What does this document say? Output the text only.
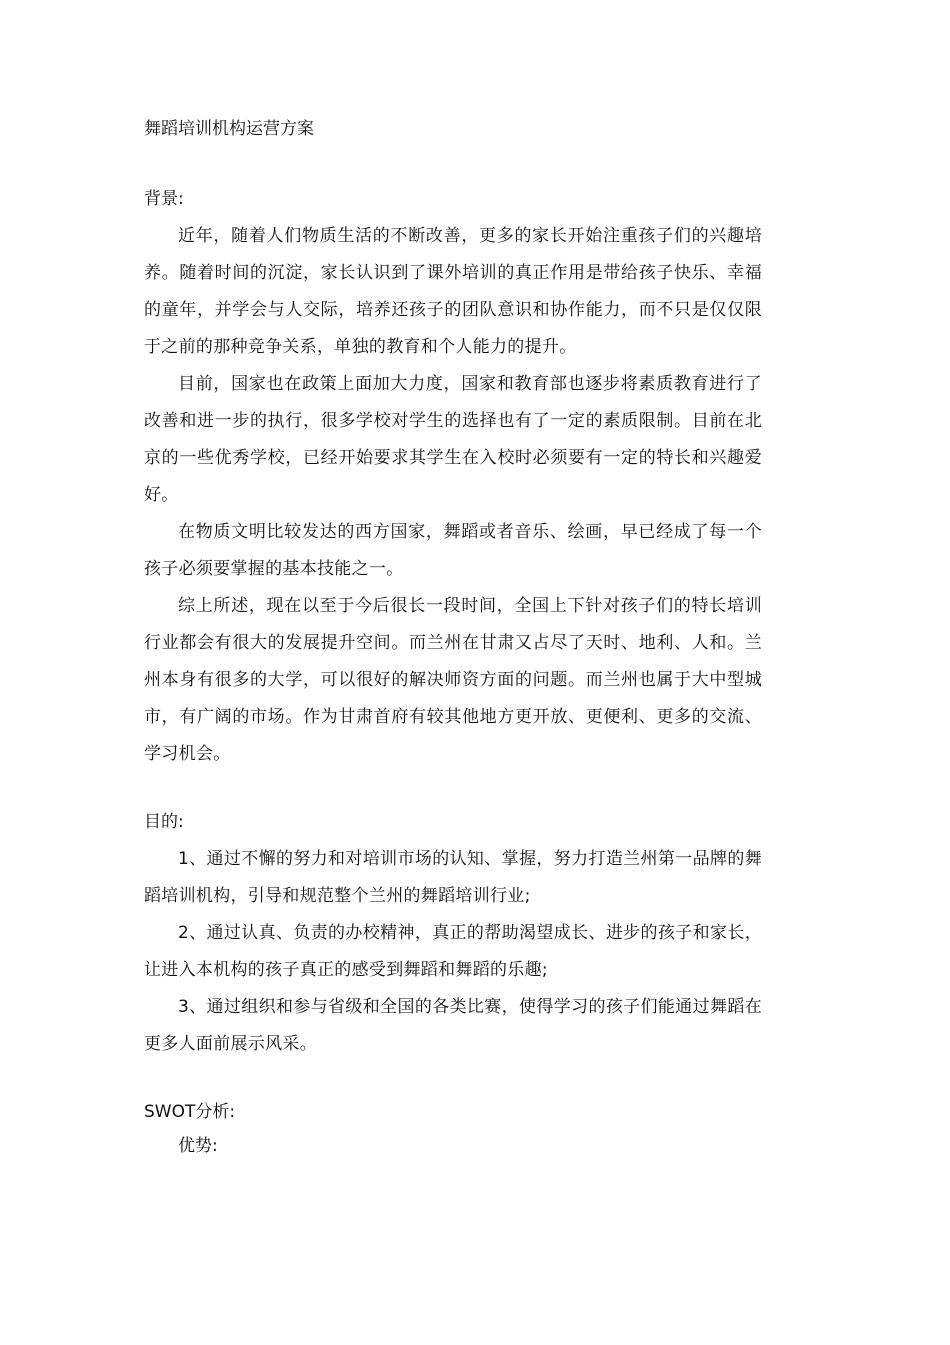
舞蹈培训机构运营方案
背景:

近年，随着人们物质生活的不断改善，更多的家长开始注重孩子们的兴趣培养。随着时间的沉淀，家长认识到了课外培训的真正作用是带给孩子快乐、幸福的童年，并学会与人交际，培养还孩子的团队意识和协作能力，而不只是仅仅限于之前的那种竞争关系，单独的教育和个人能力的提升。

目前，国家也在政策上面加大力度，国家和教育部也逐步将素质教育进行了改善和进一步的执行，很多学校对学生的选择也有了一定的素质限制。目前在北京的一些优秀学校，已经开始要求其学生在入校时必须要有一定的特长和兴趣爱好。

在物质文明比较发达的西方国家，舞蹈或者音乐、绘画，早已经成了每一个孩子必须要掌握的基本技能之一。

综上所述，现在以至于今后很长一段时间，全国上下针对孩子们的特长培训行业都会有很大的发展提升空间。而兰州在甘肃又占尽了天时、地利、人和。兰州本身有很多的大学，可以很好的解决师资方面的问题。而兰州也属于大中型城市，有广阔的市场。作为甘肃首府有较其他地方更开放、更便利、更多的交流、学习机会。

目的:

1、通过不懈的努力和对培训市场的认知、掌握，努力打造兰州第一品牌的舞蹈培训机构，引导和规范整个兰州的舞蹈培训行业;

2、通过认真、负责的办校精神，真正的帮助渴望成长、进步的孩子和家长，让进入本机构的孩子真正的感受到舞蹈和舞蹈的乐趣;

3、通过组织和参与省级和全国的各类比赛，使得学习的孩子们能通过舞蹈在更多人面前展示风采。

SWOT分析:
优势:
